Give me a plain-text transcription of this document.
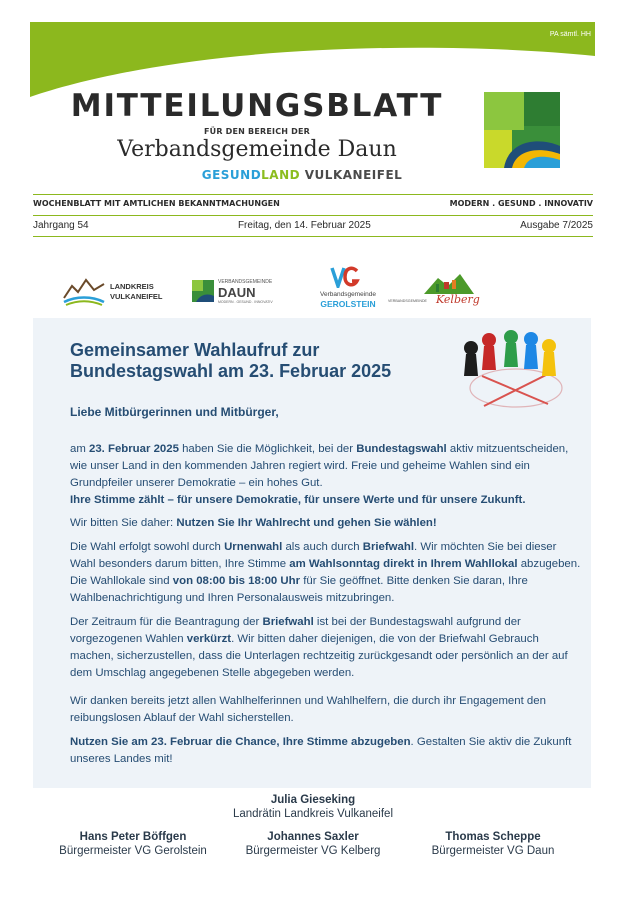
PA sämtl. HH
MITTEILUNGSBLATT
FÜR DEN BEREICH DER
Verbandsgemeinde Daun
GESUNDLAND VULKANEIFEL
WOCHENBLATT MIT AMTLICHEN BEKANNTMACHUNGEN	MODERN . GESUND . INNOVATIV
Jahrgang 54	Freitag, den 14. Februar 2025	Ausgabe 7/2025
LANDKREIS
VULKANEIFEL
VERBANDSGEMEINDE
DAUN
MODERN . GESUND . INNOVATIV
Verbandsgemeinde
GEROLSTEIN	VERBANDSGEMEINDE Kelberg
Gemeinsamer Wahlaufruf zur
Bundestagswahl am 23. Februar 2025
Liebe Mitbürgerinnen und Mitbürger,
am 23. Februar 2025 haben Sie die Möglichkeit, bei der Bundestagswahl aktiv mitzuentscheiden, wie unser Land in den kommenden Jahren regiert wird. Freie und geheime Wahlen sind ein Grundpfeiler unserer Demokratie – ein hohes Gut.
Ihre Stimme zählt – für unsere Demokratie, für unsere Werte und für unsere Zukunft.
Wir bitten Sie daher: Nutzen Sie Ihr Wahlrecht und gehen Sie wählen!
Die Wahl erfolgt sowohl durch Urnenwahl als auch durch Briefwahl. Wir möchten Sie bei dieser Wahl besonders darum bitten, Ihre Stimme am Wahlsonntag direkt in Ihrem Wahllokal abzugeben. Die Wahllokale sind von 08:00 bis 18:00 Uhr für Sie geöffnet. Bitte denken Sie daran, Ihre Wahlbenachrichtigung und Ihren Personalausweis mitzubringen.
Der Zeitraum für die Beantragung der Briefwahl ist bei der Bundestagswahl aufgrund der vorgezogenen Wahlen verkürzt. Wir bitten daher diejenigen, die von der Briefwahl Gebrauch machen, sicherzustellen, dass die Unterlagen rechtzeitig zurückgesandt oder persönlich an der auf dem Umschlag angegebenen Stelle abgegeben werden.
Wir danken bereits jetzt allen Wahlhelferinnen und Wahlhelfern, die durch ihr Engagement den reibungslosen Ablauf der Wahl sicherstellen.
Nutzen Sie am 23. Februar die Chance, Ihre Stimme abzugeben. Gestalten Sie aktiv die Zukunft unseres Landes mit!
Julia Gieseking
Landrätin Landkreis Vulkaneifel
Hans Peter Böffgen
Bürgermeister VG Gerolstein
Johannes Saxler
Bürgermeister VG Kelberg
Thomas Scheppe
Bürgermeister VG Daun
